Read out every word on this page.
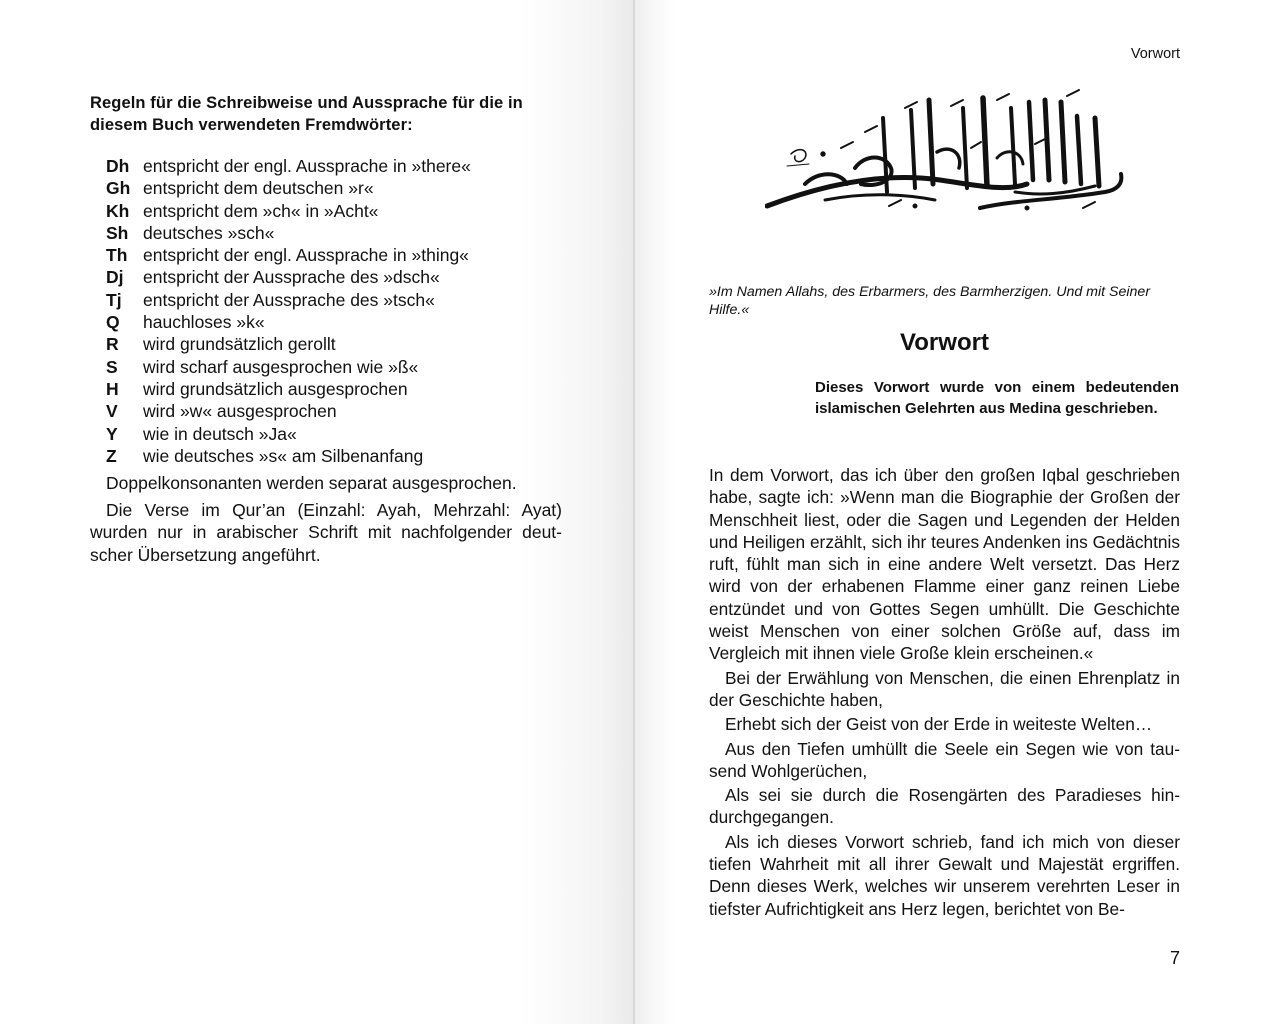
Regeln für die Schreibweise und Aussprache für die in diesem Buch verwendeten Fremdwörter:
Dh entspricht der engl. Aussprache in »there«
Gh entspricht dem deutschen »r«
Kh entspricht dem »ch« in »Acht«
Sh deutsches »sch«
Th entspricht der engl. Aussprache in »thing«
Dj entspricht der Aussprache des »dsch«
Tj entspricht der Aussprache des »tsch«
Q hauchloses »k«
R wird grundsätzlich gerollt
S wird scharf ausgesprochen wie »ß«
H wird grundsätzlich ausgesprochen
V wird »w« ausgesprochen
Y wie in deutsch »Ja«
Z wie deutsches »s« am Silbenanfang

Doppelkonsonanten werden separat ausgesprochen.

Die Verse im Qur’an (Einzahl: Ayah, Mehrzahl: Ayat) wurden nur in arabischer Schrift mit nachfolgender deutscher Übersetzung angeführt.

Vorwort

»Im Namen Allahs, des Erbarmers, des Barmherzigen. Und mit Seiner Hilfe.«

Vorwort

Dieses Vorwort wurde von einem bedeutenden islamischen Gelehrten aus Medina geschrieben.

In dem Vorwort, das ich über den großen Iqbal geschrieben habe, sagte ich: »Wenn man die Biographie der Großen der Menschheit liest, oder die Sagen und Legenden der Helden und Heiligen erzählt, sich ihr teures Andenken ins Gedächtnis ruft, fühlt man sich in eine andere Welt versetzt. Das Herz wird von der erhabenen Flamme einer ganz reinen Liebe entzündet und von Gottes Segen umhüllt. Die Geschichte weist Menschen von einer solchen Größe auf, dass im Vergleich mit ihnen viele Große klein erscheinen.«

Bei der Erwählung von Menschen, die einen Ehrenplatz in der Geschichte haben,

Erhebt sich der Geist von der Erde in weiteste Welten…

Aus den Tiefen umhüllt die Seele ein Segen wie von tausend Wohlgerüchen,

Als sei sie durch die Rosengärten des Paradieses hindurchgegangen.

Als ich dieses Vorwort schrieb, fand ich mich von dieser tiefen Wahrheit mit all ihrer Gewalt und Majestät ergriffen. Denn dieses Werk, welches wir unserem verehrten Leser in tiefster Aufrichtigkeit ans Herz legen, berichtet von Be-

7
